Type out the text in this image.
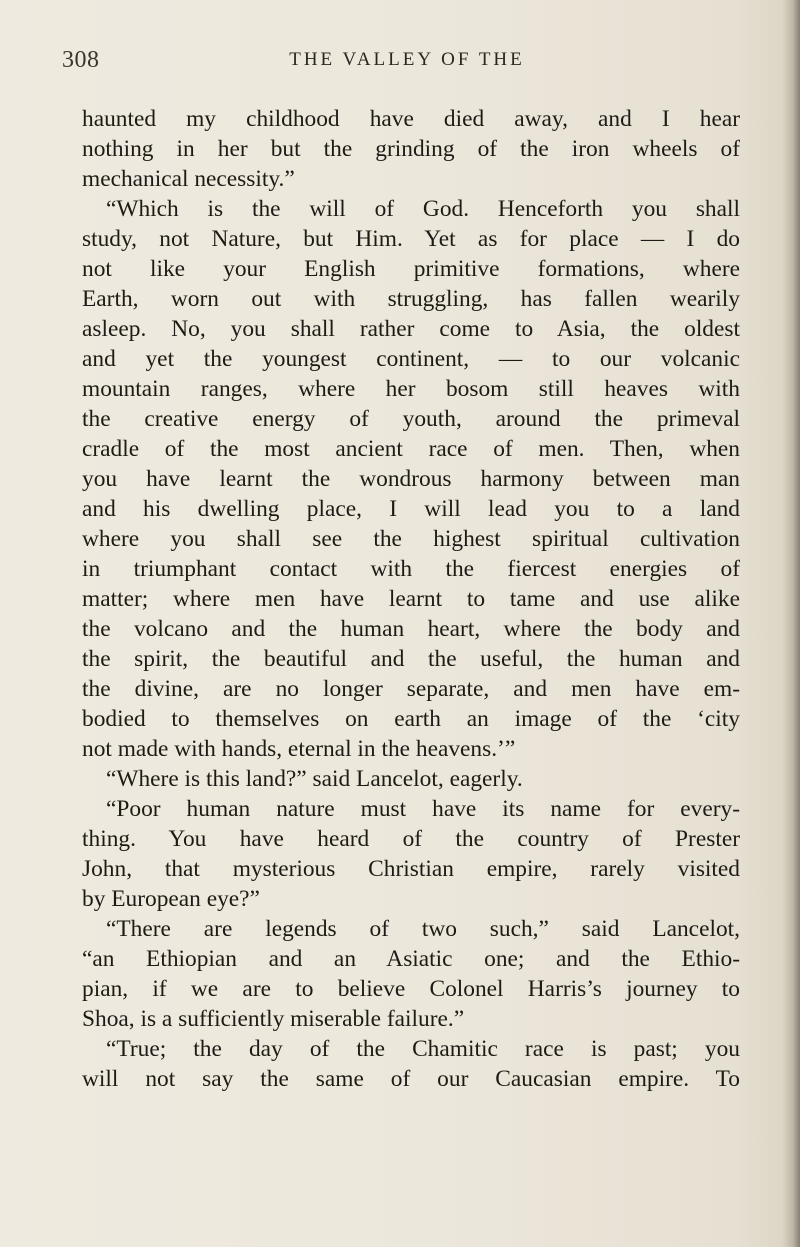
308	THE VALLEY OF THE
haunted my childhood have died away, and I hear
nothing in her but the grinding of the iron wheels of
mechanical necessity.”
“Which is the will of God. Henceforth you shall
study, not Nature, but Him. Yet as for place — I do
not like your English primitive formations, where
Earth, worn out with struggling, has fallen wearily
asleep. No, you shall rather come to Asia, the oldest
and yet the youngest continent, — to our volcanic
mountain ranges, where her bosom still heaves with
the creative energy of youth, around the primeval
cradle of the most ancient race of men. Then, when
you have learnt the wondrous harmony between man
and his dwelling place, I will lead you to a land
where you shall see the highest spiritual cultivation
in triumphant contact with the fiercest energies of
matter; where men have learnt to tame and use alike
the volcano and the human heart, where the body and
the spirit, the beautiful and the useful, the human and
the divine, are no longer separate, and men have em-
bodied to themselves on earth an image of the ‘city
not made with hands, eternal in the heavens.’”
“Where is this land?” said Lancelot, eagerly.
“Poor human nature must have its name for every-
thing. You have heard of the country of Prester
John, that mysterious Christian empire, rarely visited
by European eye?”
“There are legends of two such,” said Lancelot,
“an Ethiopian and an Asiatic one; and the Ethio-
pian, if we are to believe Colonel Harris’s journey to
Shoa, is a sufficiently miserable failure.”
“True; the day of the Chamitic race is past; you
will not say the same of our Caucasian empire. To
